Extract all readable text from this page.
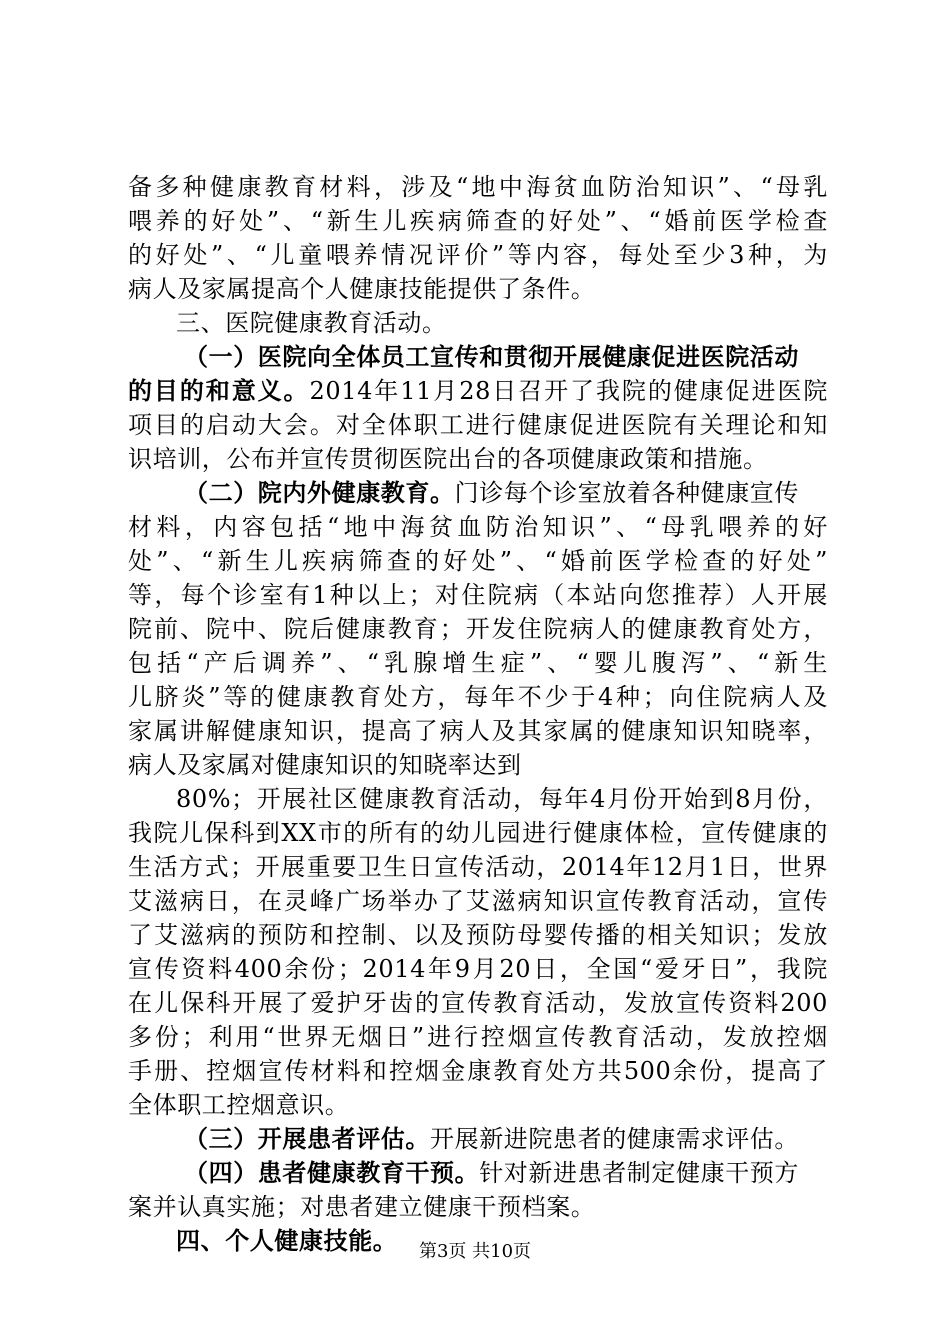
备多种健康教育材料，涉及“地中海贫血防治知识”、“母乳
喂养的好处”、“新生儿疾病筛查的好处”、“婚前医学检查
的好处”、“儿童喂养情况评价”等内容，每处至少3种，为
病人及家属提高个人健康技能提供了条件。
三、医院健康教育活动。
（一）医院向全体员工宣传和贯彻开展健康促进医院活动
的目的和意义。2014年11月28日召开了我院的健康促进医院
项目的启动大会。对全体职工进行健康促进医院有关理论和知
识培训，公布并宣传贯彻医院出台的各项健康政策和措施。
（二）院内外健康教育。门诊每个诊室放着各种健康宣传
材料，内容包括“地中海贫血防治知识”、“母乳喂养的好
处”、“新生儿疾病筛查的好处”、“婚前医学检查的好处”
等，每个诊室有1种以上；对住院病（本站向您推荐）人开展
院前、院中、院后健康教育；开发住院病人的健康教育处方，
包括“产后调养”、“乳腺增生症”、“婴儿腹泻”、“新生
儿脐炎”等的健康教育处方，每年不少于4种；向住院病人及
家属讲解健康知识，提高了病人及其家属的健康知识知晓率，
病人及家属对健康知识的知晓率达到
80%；开展社区健康教育活动，每年4月份开始到8月份，
我院儿保科到XX市的所有的幼儿园进行健康体检，宣传健康的
生活方式；开展重要卫生日宣传活动，2014年12月1日，世界
艾滋病日，在灵峰广场举办了艾滋病知识宣传教育活动，宣传
了艾滋病的预防和控制、以及预防母婴传播的相关知识；发放
宣传资料400余份；2014年9月20日，全国“爱牙日”，我院
在儿保科开展了爱护牙齿的宣传教育活动，发放宣传资料200
多份；利用“世界无烟日”进行控烟宣传教育活动，发放控烟
手册、控烟宣传材料和控烟金康教育处方共500余份，提高了
全体职工控烟意识。
（三）开展患者评估。开展新进院患者的健康需求评估。
（四）患者健康教育干预。针对新进患者制定健康干预方
案并认真实施；对患者建立健康干预档案。
四、个人健康技能。	第3页 共10页
